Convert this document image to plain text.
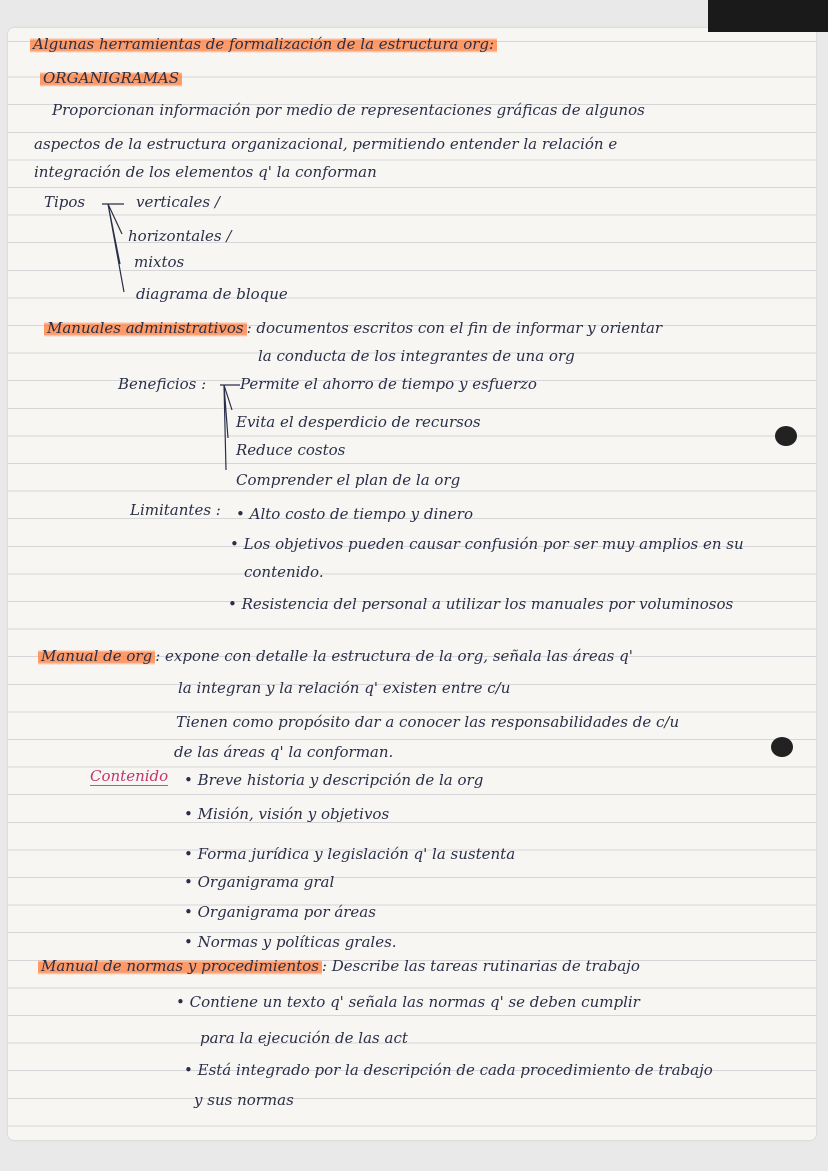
Algunas herramientas de formalización de la estructura org:
ORGANIGRAMAS
Proporcionan información por medio de representaciones gráficas de algunos
aspectos de la estructura organizacional, permitiendo entender la relación e
integración de los elementos q' la conforman
Tipos	verticales /
horizontales /
mixtos
diagrama de bloque
Manuales administrativos : documentos escritos con el fin de informar y orientar
la conducta de los integrantes de una org
Beneficios : Permite el ahorro de tiempo y esfuerzo
Evita el desperdicio de recursos
Reduce costos
Comprender el plan de la org
Limitantes : • Alto costo de tiempo y dinero
• Los objetivos pueden causar confusión por ser muy amplios en su
contenido.
• Resistencia del personal a utilizar los manuales por voluminosos
Manual de org : expone con detalle la estructura de la org, señala las áreas q'
la integran y la relación q' existen entre c/u
Tienen como propósito dar a conocer las responsabilidades de c/u
de las áreas q' la conforman.
Contenido • Breve historia y descripción de la org
• Misión, visión y objetivos
• Forma jurídica y legislación q' la sustenta
• Organigrama gral
• Organigrama por áreas
• Normas y políticas grales.
Manual de normas y procedimientos : Describe las tareas rutinarias de trabajo
• Contiene un texto q' señala las normas q' se deben cumplir
para la ejecución de las act
• Está integrado por la descripción de cada procedimiento de trabajo
y sus normas
